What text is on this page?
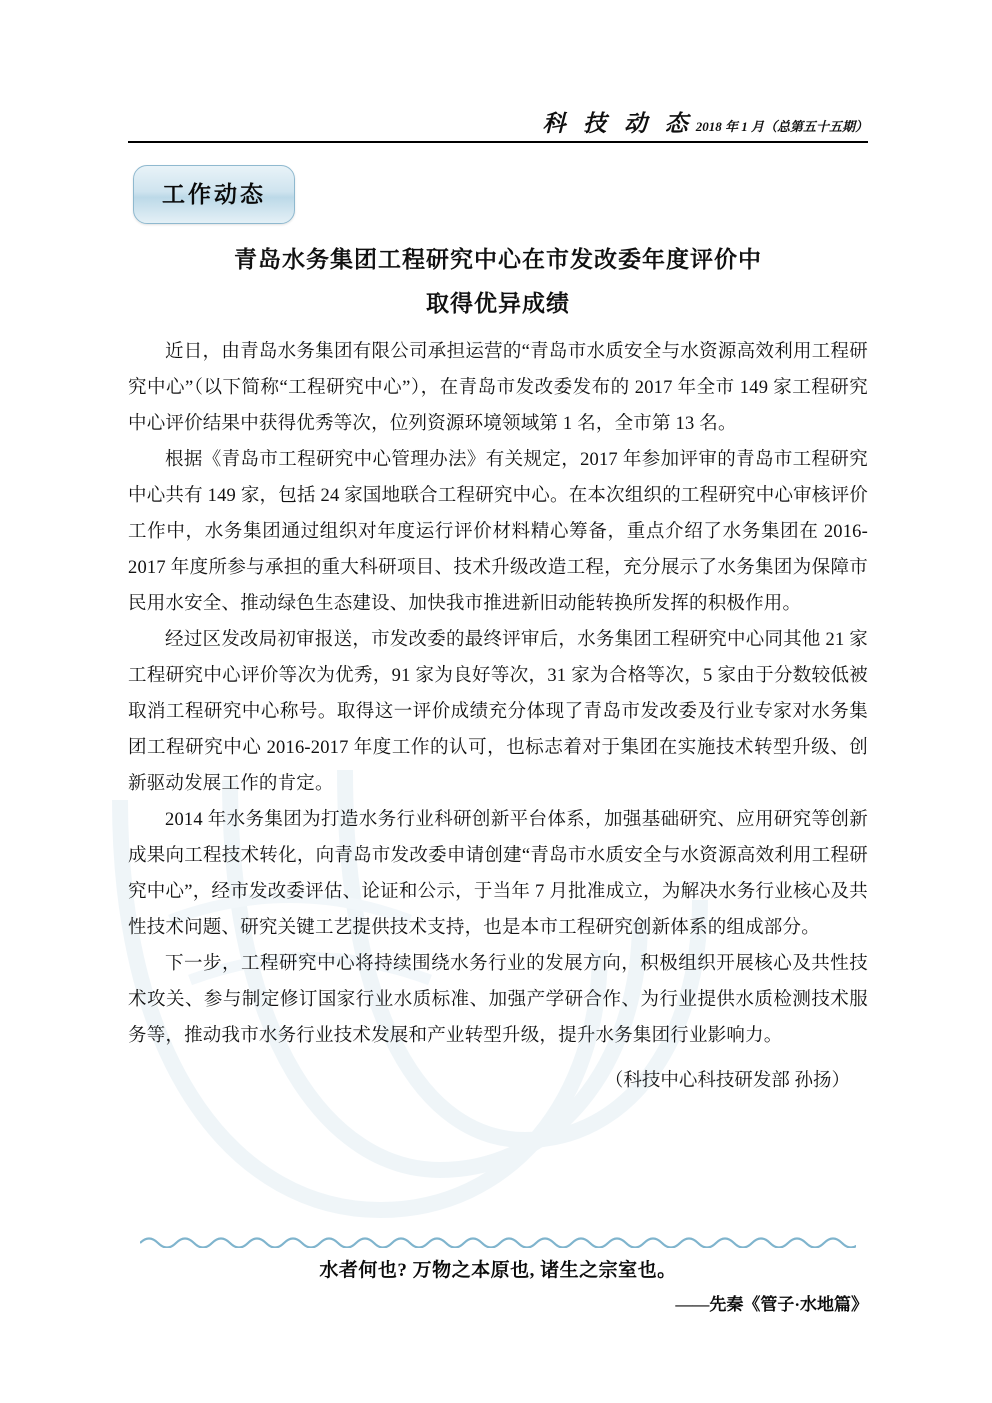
科 技 动 态 2018 年 1 月（总第五十五期）
工作动态
青岛水务集团工程研究中心在市发改委年度评价中
取得优异成绩

近日，由青岛水务集团有限公司承担运营的“青岛市水质安全与水资源高效利用工程研究中心”（以下简称“工程研究中心”），在青岛市发改委发布的 2017 年全市 149 家工程研究中心评价结果中获得优秀等次，位列资源环境领域第 1 名，全市第 13 名。

根据《青岛市工程研究中心管理办法》有关规定，2017 年参加评审的青岛市工程研究中心共有 149 家，包括 24 家国地联合工程研究中心。在本次组织的工程研究中心审核评价工作中，水务集团通过组织对年度运行评价材料精心筹备，重点介绍了水务集团在 2016-2017 年度所参与承担的重大科研项目、技术升级改造工程，充分展示了水务集团为保障市民用水安全、推动绿色生态建设、加快我市推进新旧动能转换所发挥的积极作用。

经过区发改局初审报送，市发改委的最终评审后，水务集团工程研究中心同其他 21 家工程研究中心评价等次为优秀，91 家为良好等次，31 家为合格等次，5 家由于分数较低被取消工程研究中心称号。取得这一评价成绩充分体现了青岛市发改委及行业专家对水务集团工程研究中心 2016-2017 年度工作的认可，也标志着对于集团在实施技术转型升级、创新驱动发展工作的肯定。

2014 年水务集团为打造水务行业科研创新平台体系，加强基础研究、应用研究等创新成果向工程技术转化，向青岛市发改委申请创建“青岛市水质安全与水资源高效利用工程研究中心”，经市发改委评估、论证和公示，于当年 7 月批准成立，为解决水务行业核心及共性技术问题、研究关键工艺提供技术支持，也是本市工程研究创新体系的组成部分。

下一步，工程研究中心将持续围绕水务行业的发展方向，积极组织开展核心及共性技术攻关、参与制定修订国家行业水质标准、加强产学研合作、为行业提供水质检测技术服务等，推动我市水务行业技术发展和产业转型升级，提升水务集团行业影响力。

（科技中心科技研发部 孙扬）
水者何也? 万物之本原也, 诸生之宗室也。
——先秦《管子·水地篇》
